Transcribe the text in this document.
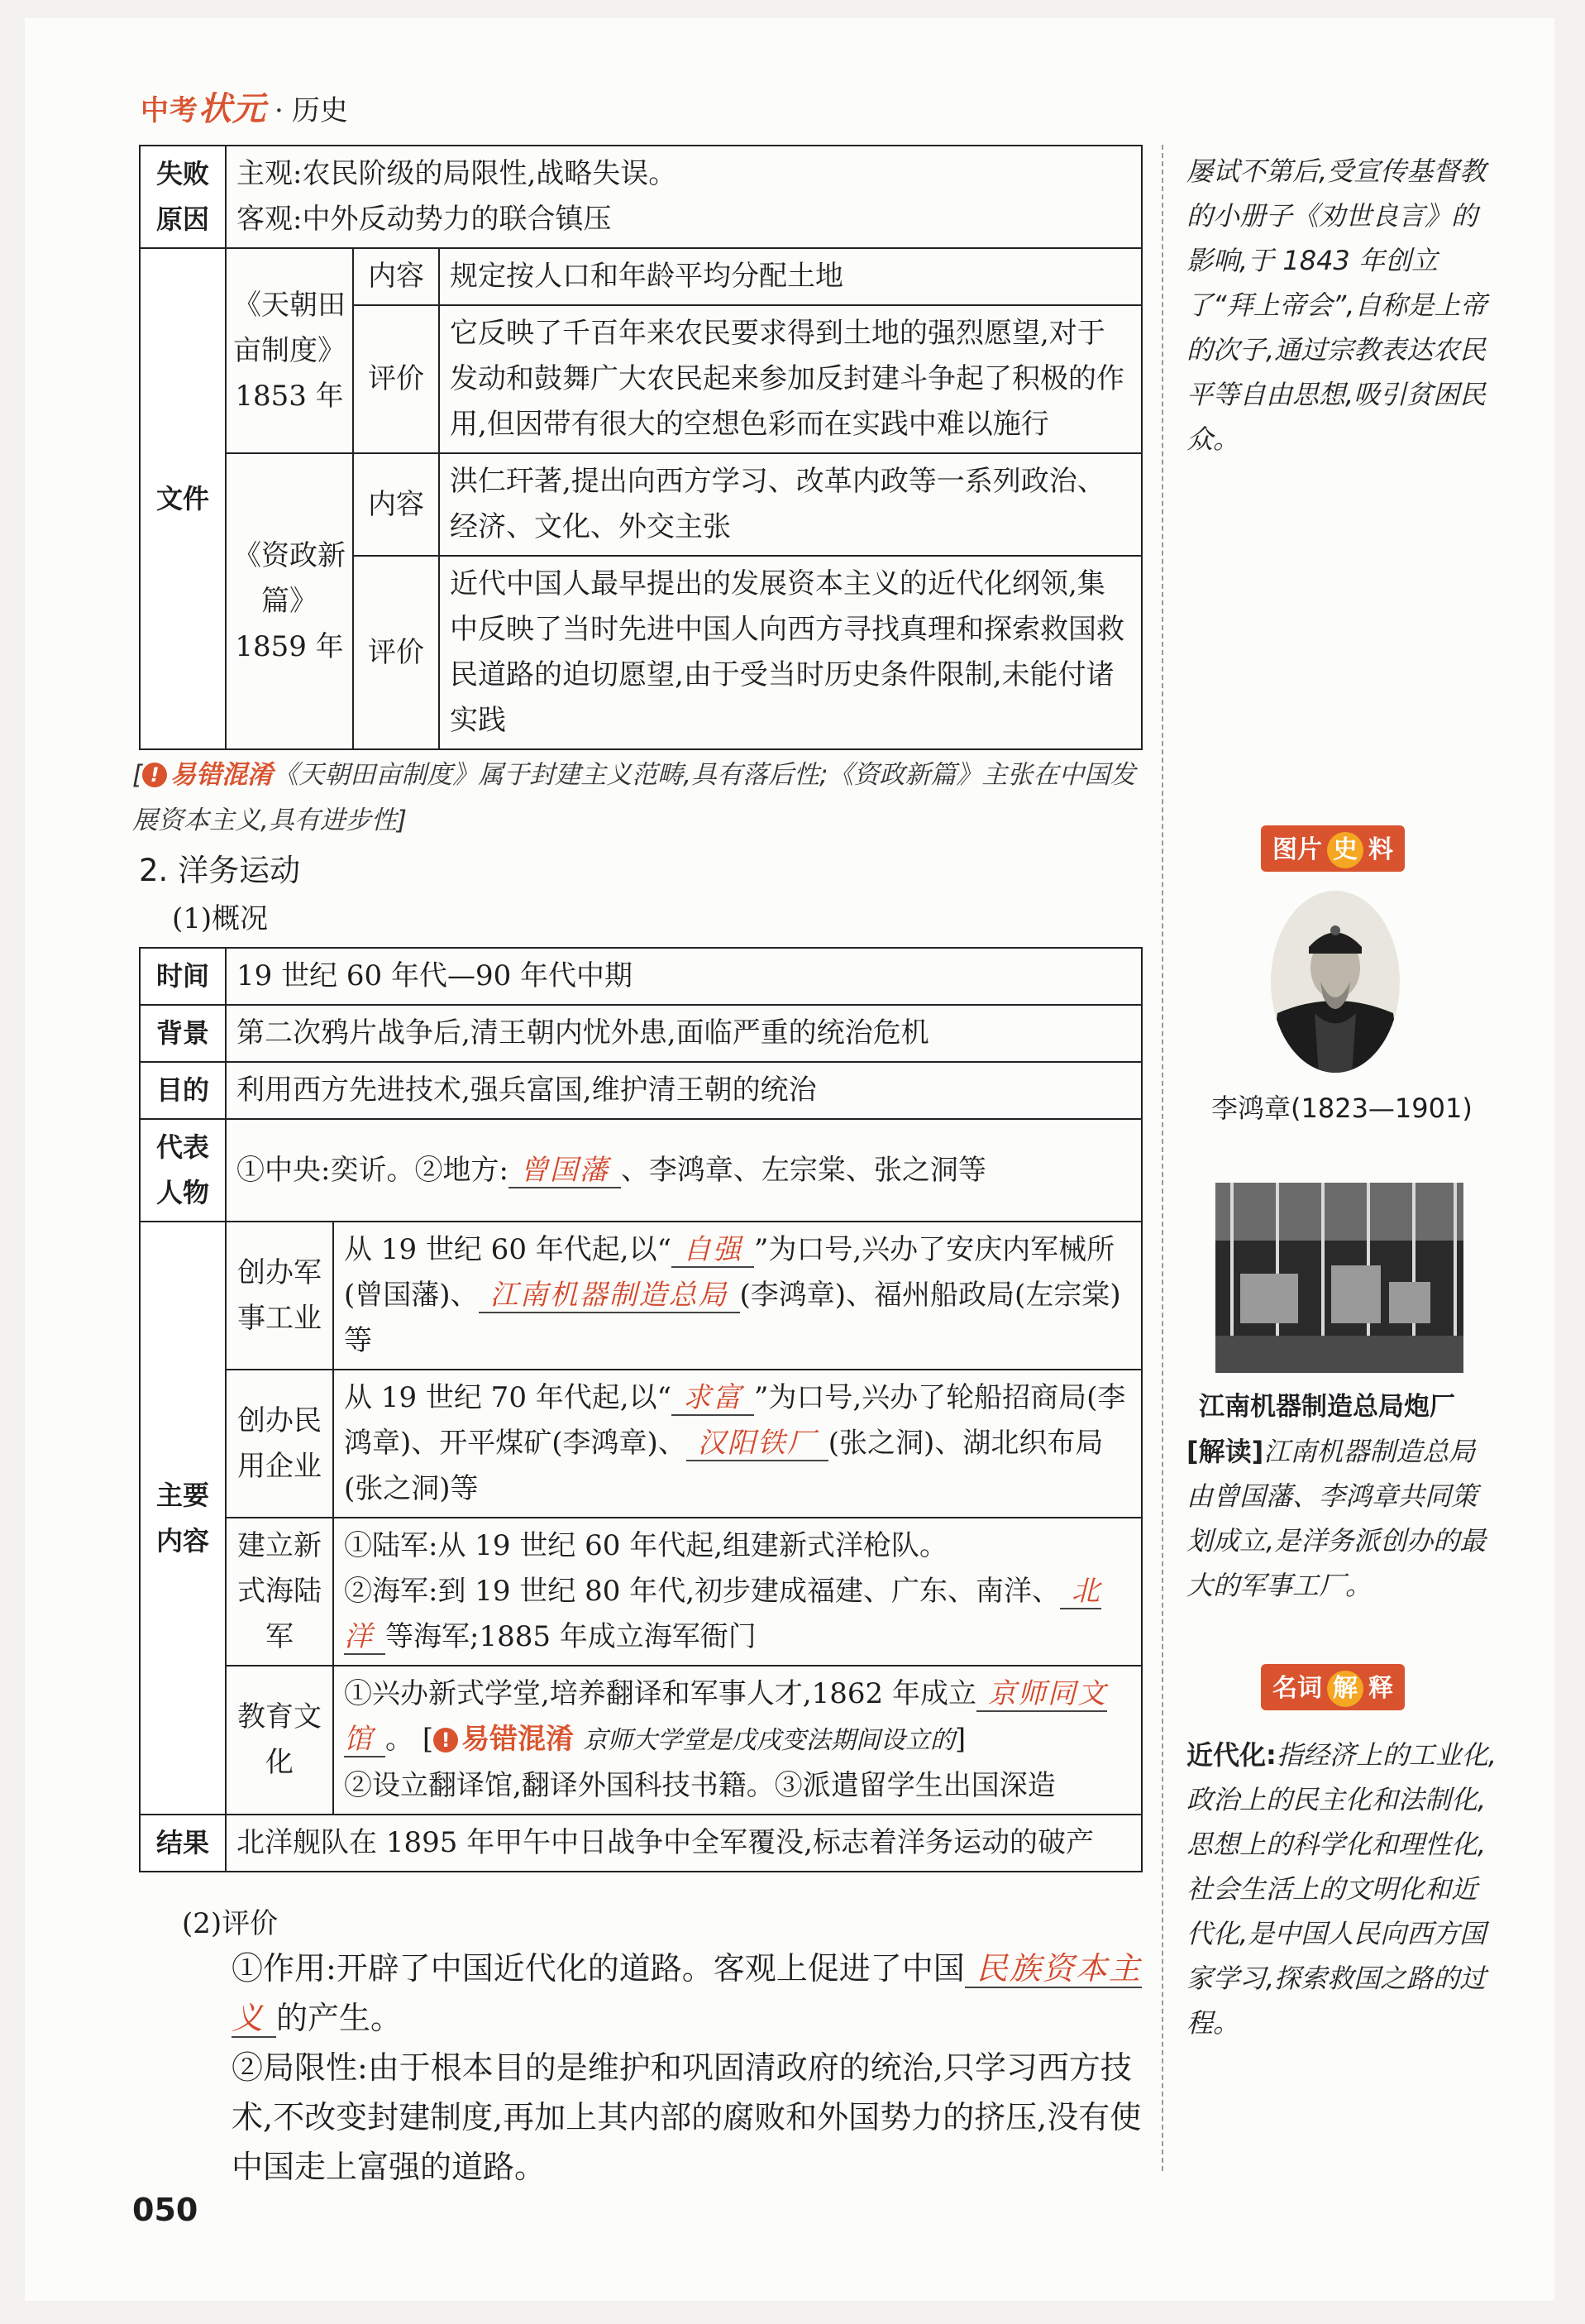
中考状元 · 历史
失败原因	主观:农民阶级的局限性,战略失误。
客观:中外反动势力的联合镇压		

文件	《天朝田亩制度》1853 年	内容	规定按人口和年龄平均分配土地
		评价	它反映了千百年来农民要求得到土地的强烈愿望,对于发动和鼓舞广大农民起来参加反封建斗争起了积极的作用,但因带有很大的空想色彩而在实践中难以施行
	《资政新篇》1859 年	内容	洪仁玕著,提出向西方学习、改革内政等一系列政治、经济、文化、外交主张
		评价	近代中国人最早提出的发展资本主义的近代化纲领,集中反映了当时先进中国人向西方寻找真理和探索救国救民道路的迫切愿望,由于受当时历史条件限制,未能付诸实践
[ ! 易错混淆《天朝田亩制度》属于封建主义范畴,具有落后性;《资政新篇》主张在中国发展资本主义,具有进步性]
2. 洋务运动
(1)概况
时间	19 世纪 60 年代—90 年代中期	
背景	第二次鸦片战争后,清王朝内忧外患,面临严重的统治危机	
目的	利用西方先进技术,强兵富国,维护清王朝的统治	
代表人物	①中央:奕䜣。②地方: 曾国藩 、李鸿章、左宗棠、张之洞等	
主要内容	创办军事工业	从 19 世纪 60 年代起,以“ 自强 ”为口号,兴办了安庆内军械所(曾国藩)、 江南机器制造总局 (李鸿章)、福州船政局(左宗棠)等
	创办民用企业	从 19 世纪 70 年代起,以“ 求富 ”为口号,兴办了轮船招商局(李鸿章)、开平煤矿(李鸿章)、 汉阳铁厂 (张之洞)、湖北织布局(张之洞)等
	建立新式海陆军	①陆军:从 19 世纪 60 年代起,组建新式洋枪队。
②海军:到 19 世纪 80 年代,初步建成福建、广东、南洋、 北洋 等海军;1885 年成立海军衙门

	教育文化	①兴办新式学堂,培养翻译和军事人才,1862 年成立 京师同文馆 。 [ ! 易错混淆 京师大学堂是戊戌变法期间设立的]
②设立翻译馆,翻译外国科技书籍。③派遣留学生出国深造

结果	北洋舰队在 1895 年甲午中日战争中全军覆没,标志着洋务运动的破产	
(2)评价
①作用:开辟了中国近代化的道路。客观上促进了中国 民族资本主义 的产生。
②局限性:由于根本目的是维护和巩固清政府的统治,只学习西方技术,不改变封建制度,再加上其内部的腐败和外国势力的挤压,没有使中国走上富强的道路。
050
屡试不第后,受宣传基督教的小册子《劝世良言》的影响,于 1843 年创立了“拜上帝会”,自称是上帝的次子,通过宗教表达农民平等自由思想,吸引贫困民众。
图片 史 料
李鸿章(1823—1901)
江南机器制造总局炮厂
[解读]江南机器制造总局由曾国藩、李鸿章共同策划成立,是洋务派创办的最大的军事工厂。
名词 解 释
近代化:指经济上的工业化,政治上的民主化和法制化,思想上的科学化和理性化,社会生活上的文明化和近代化,是中国人民向西方国家学习,探索救国之路的过程。
